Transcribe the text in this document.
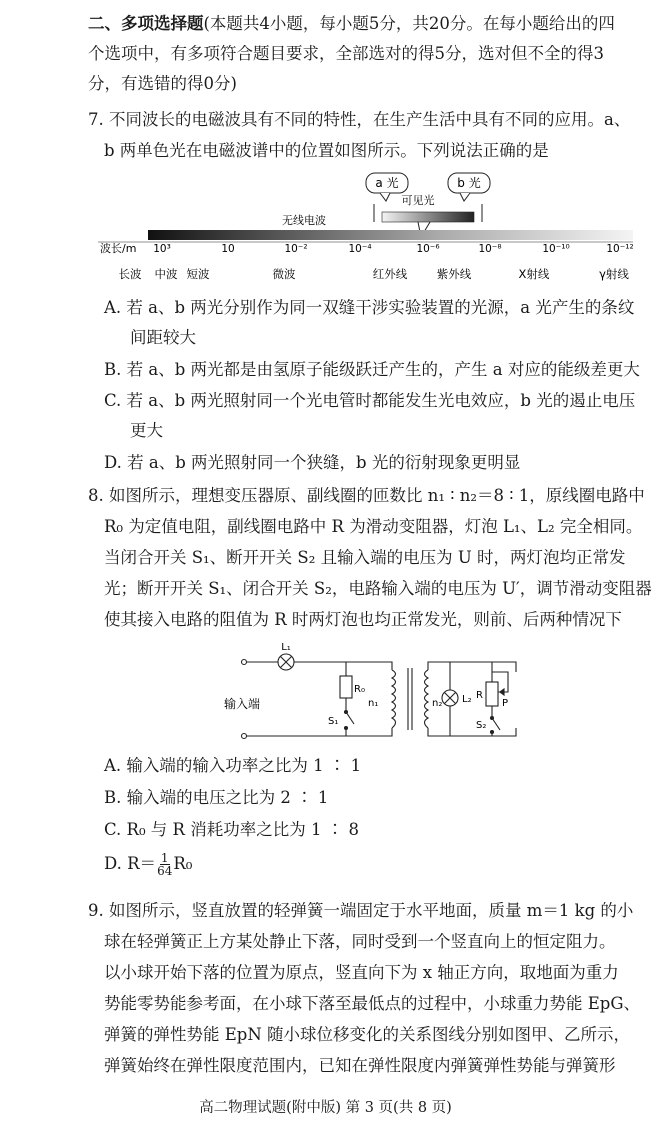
二、多项选择题(本题共4小题，每小题5分，共20分。在每小题给出的四
个选项中，有多项符合题目要求，全部选对的得5分，选对但不全的得3
分，有选错的得0分)
7. 不同波长的电磁波具有不同的特性，在生产生活中具有不同的应用。a、
b 两单色光在电磁波谱中的位置如图所示。下列说法正确的是
a 光	b 光
可见光
无线电波
波长/m 10³	10	10⁻²	10⁻⁴	10⁻⁶	10⁻⁸	10⁻¹⁰	10⁻¹²
长波 中波 短波	微波	红外线	紫外线	X射线	γ射线
A. 若 a、b 两光分别作为同一双缝干涉实验装置的光源，a 光产生的条纹
间距较大
B. 若 a、b 两光都是由氢原子能级跃迁产生的，产生 a 对应的能级差更大
C. 若 a、b 两光照射同一个光电管时都能发生光电效应，b 光的遏止电压
更大
D. 若 a、b 两光照射同一个狭缝，b 光的衍射现象更明显
8. 如图所示，理想变压器原、副线圈的匝数比 n₁ ∶ n₂＝8 ∶ 1，原线圈电路中
R₀ 为定值电阻，副线圈电路中 R 为滑动变阻器，灯泡 L₁、L₂ 完全相同。
当闭合开关 S₁、断开开关 S₂ 且输入端的电压为 U 时，两灯泡均正常发
光；断开开关 S₁、闭合开关 S₂，电路输入端的电压为 U′，调节滑动变阻器
使其接入电路的阻值为 R 时两灯泡也均正常发光，则前、后两种情况下
L₁
输入端
R₀
S₁
n₁	n₂ L₂ R
P
S₂
A. 输入端的输入功率之比为 1 ∶ 1
B. 输入端的电压之比为 2 ∶ 1
C. R₀ 与 R 消耗功率之比为 1 ∶ 8
D. $R= \frac{1}{64} R_0$
9. 如图所示，竖直放置的轻弹簧一端固定于水平地面，质量 m＝1 kg 的小
球在轻弹簧正上方某处静止下落，同时受到一个竖直向上的恒定阻力。
以小球开始下落的位置为原点，竖直向下为 x 轴正方向，取地面为重力
势能零势能参考面，在小球下落至最低点的过程中，小球重力势能 EpG、
弹簧的弹性势能 EpN 随小球位移变化的关系图线分别如图甲、乙所示，
弹簧始终在弹性限度范围内，已知在弹性限度内弹簧弹性势能与弹簧形
高二物理试题(附中版) 第 3 页(共 8 页)
